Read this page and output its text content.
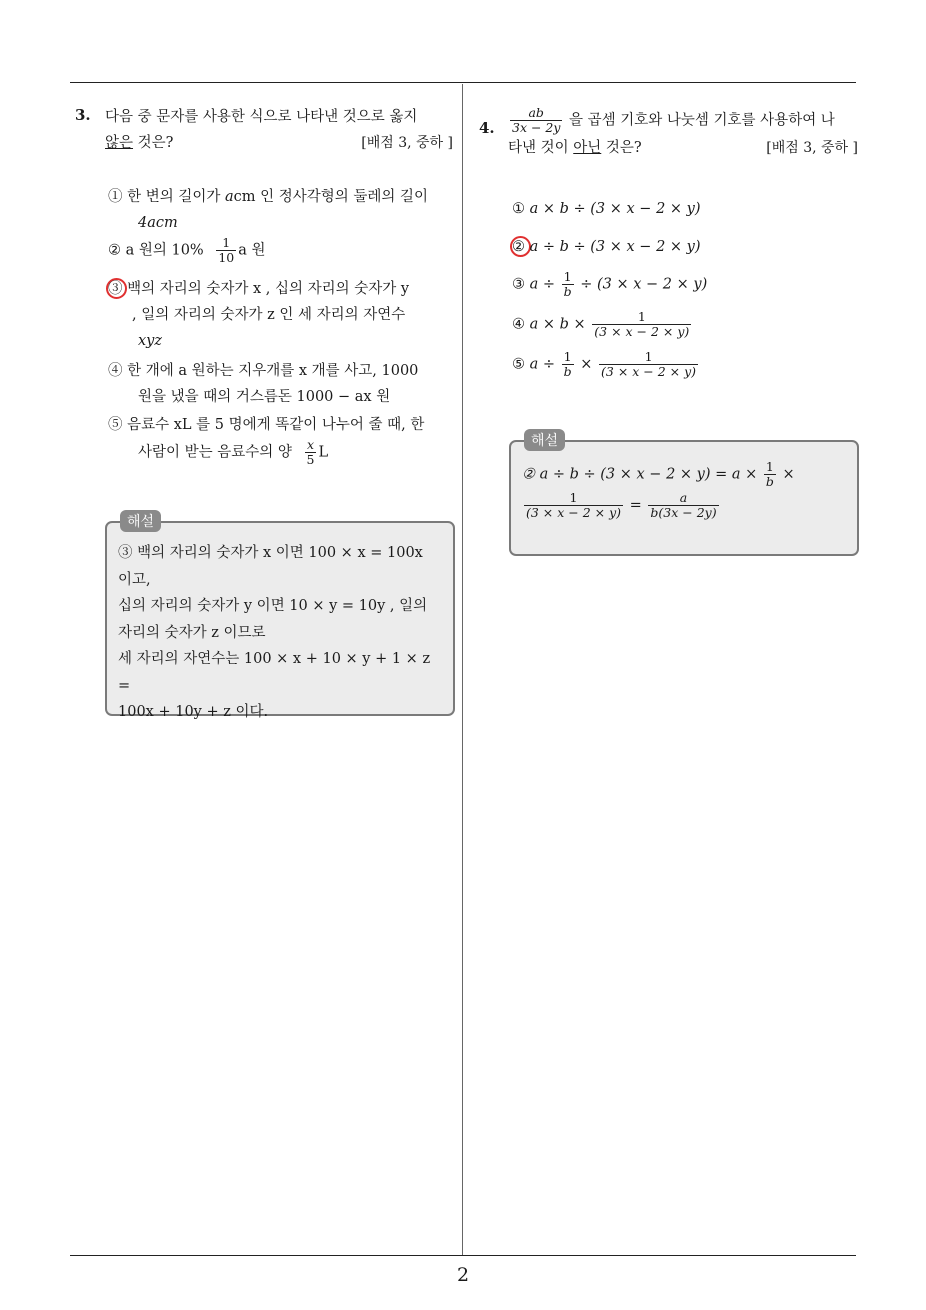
2
3. 다음 중 문자를 사용한 식으로 나타낸 것으로 옳지
않은 것은?	[배점 3, 중하 ]
① 한 변의 길이가 acm 인 정사각형의 둘레의 길이
4acm
② a 원의 $10\% \frac{1}{10}$ a 원
③ 백의 자리의 숫자가 x , 십의 자리의 숫자가 y
, 일의 자리의 숫자가 z 인 세 자리의 자연수
xyz
④ 한 개에 a 원하는 지우개를 x 개를 사고, 1000
원을 냈을 때의 거스름돈 1000 − ax 원
⑤ 음료수 xL 를 5 명에게 똑같이 나누어 줄 때, 한
사람이 받는 음료수의 양 $\frac{x}{5}$ L
해설
③ 백의 자리의 숫자가 x 이면 100 × x = 100x
이고,
십의 자리의 숫자가 y 이면 10 × y = 10y , 일의
자리의 숫자가 z 이므로
세 자리의 자연수는 100 × x + 10 × y + 1 × z =
100x + 10y + z 이다.
4. $\frac{ab}{3x - 2y}$ 을 곱셈 기호와 나눗셈 기호를 사용하여 나
타낸 것이 아닌 것은?	[배점 3, 중하 ]
① a × b ÷ (3 × x − 2 × y)
② a ÷ b ÷ (3 × x − 2 × y)
③ $a \div \frac{1}{b} \div (3 \times x - 2 \times y)$
④ $a \times b \times \frac{1}{(3 \times x - 2 \times y)}$
⑤ $a \div \frac{1}{b} \times \frac{1}{(3 \times x - 2 \times y)}$
해설
② $a \div b \div (3 \times x - 2 \times y) = a \times \frac{1}{b}$ ×
$\frac{1}{(3 \times x - 2 \times y)} = \frac{a}{b(3x - 2y)}$
